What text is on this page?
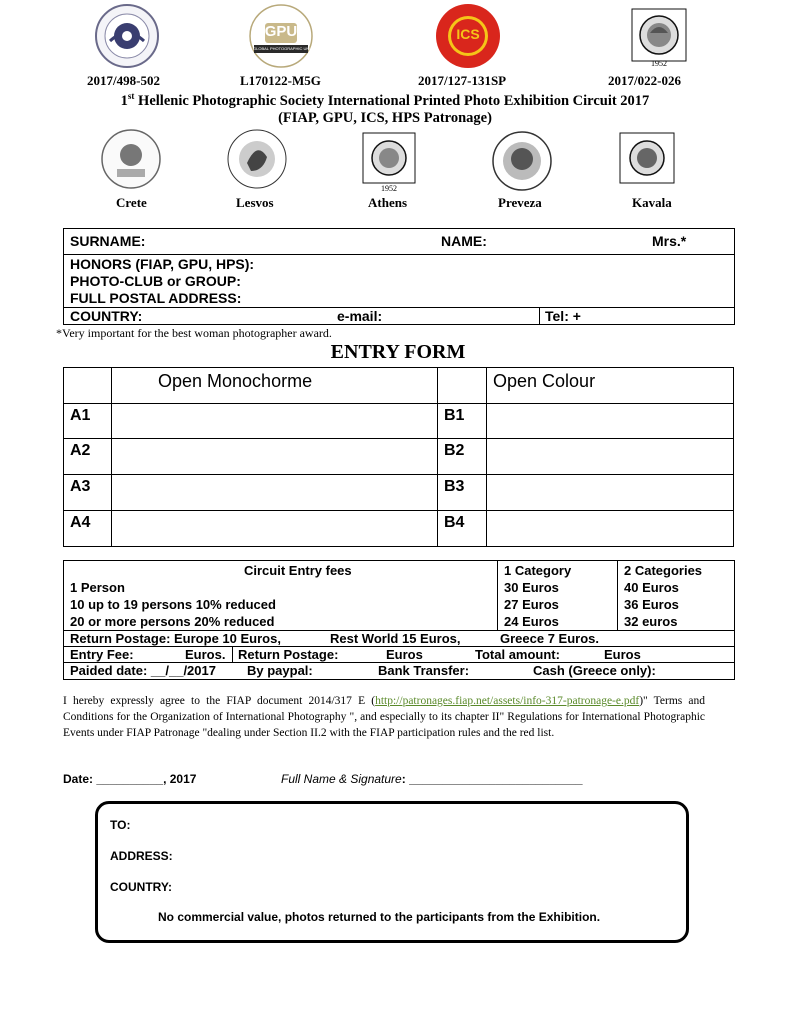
GPU
GLOBAL PHOTOGRAPHIC UNION
ICS
1952
2017/498-502	L170122-M5G	2017/127-131SP	2017/022-026
1st Hellenic Photographic Society International Printed Photo Exhibition Circuit 2017
(FIAP, GPU, ICS, HPS Patronage)
1952
Crete	Lesvos	Athens	Preveza	Kavala
SURNAME:	NAME:	Mrs.*
HONORS (FIAP, GPU, HPS):
PHOTO-CLUB or GROUP:
FULL POSTAL ADDRESS:
COUNTRY:	e-mail:	Tel: +
*Very important for the best woman photographer award.
ENTRY FORM
	Open Monochorme		Open Colour
A1		B1	
A2		B2	
A3		B3	
A4		B4	
Circuit Entry fees	1 Category	2 Categories
1 Person	30 Euros	40 Euros
10 up to 19 persons 10% reduced	27 Euros	36 Euros
20 or more persons 20% reduced	24 Euros	32 euros
Return Postage: Europe 10 Euros,	Rest World 15 Euros,	Greece 7 Euros.
Entry Fee:	Euros. Return Postage:	Euros	Total amount:	Euros
Paided date: __/__/2017 By paypal:	Bank Transfer:	Cash (Greece only):
I hereby expressly agree to the FIAP document 2014/317 E (http://patronages.fiap.net/assets/info-317-patronage-e.pdf)" Terms and Conditions for the Organization of International Photography ", and especially to its chapter II" Regulations for International Photographic Events under FIAP Patronage "dealing under Section II.2 with the FIAP participation rules and the red list.
Date: __________, 2017	Full Name & Signature: __________________________
TO:
ADDRESS:
COUNTRY:
No commercial value, photos returned to the participants from the Exhibition.
